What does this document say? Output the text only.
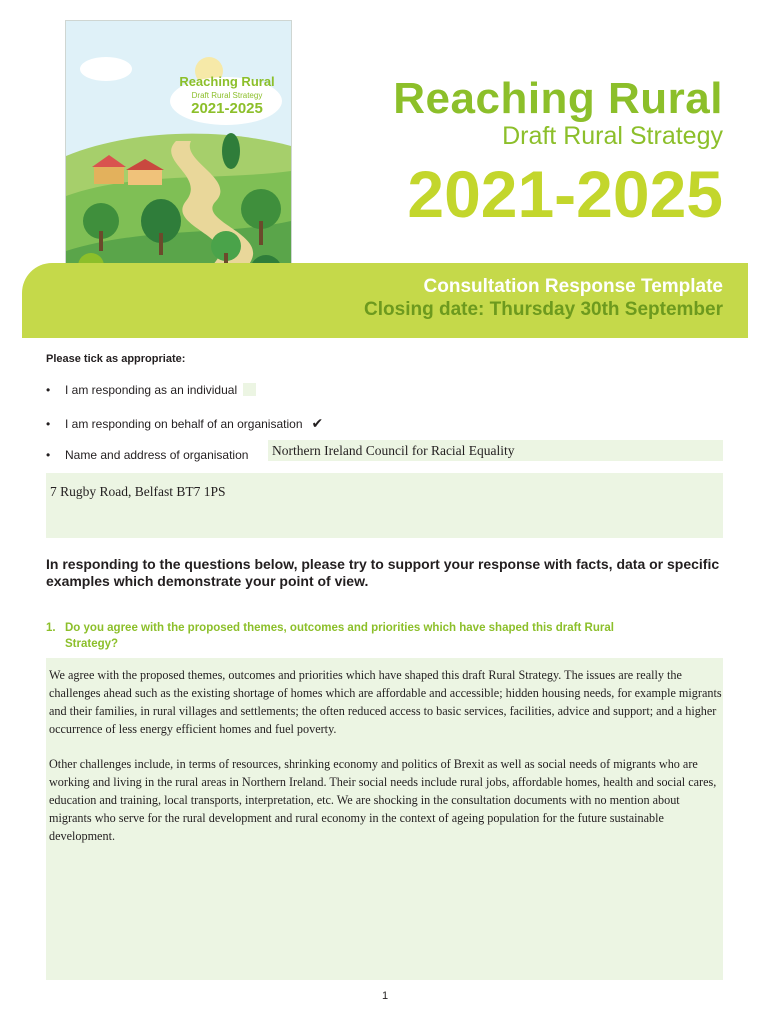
Reaching Rural
Draft Rural Strategy
2021-2025	Reaching Rural
Draft Rural Strategy
2021-2025
Consultation Response Template
Closing date: Thursday 30th September
Please tick as appropriate:
• I am responding as an individual
• I am responding on behalf of an organisation ✔
• Name and address of organisation Northern Ireland Council for Racial Equality
7 Rugby Road, Belfast BT7 1PS
In responding to the questions below, please try to support your response with facts, data or specific examples which demonstrate your point of view.
1. Do you agree with the proposed themes, outcomes and priorities which have shaped this draft Rural Strategy?

We agree with the proposed themes, outcomes and priorities which have shaped this draft Rural Strategy. The issues are really the challenges ahead such as the existing shortage of homes which are affordable and accessible; hidden housing needs, for example migrants and their families, in rural villages and settlements; the often reduced access to basic services, facilities, advice and support; and a higher occurrence of less energy efficient homes and fuel poverty.

Other challenges include, in terms of resources, shrinking economy and politics of Brexit as well as social needs of migrants who are working and living in the rural areas in Northern Ireland. Their social needs include rural jobs, affordable homes, health and social cares, education and training, local transports, interpretation, etc. We are shocking in the consultation documents with no mention about migrants who serve for the rural development and rural economy in the context of ageing population for the future sustainable development.

1
